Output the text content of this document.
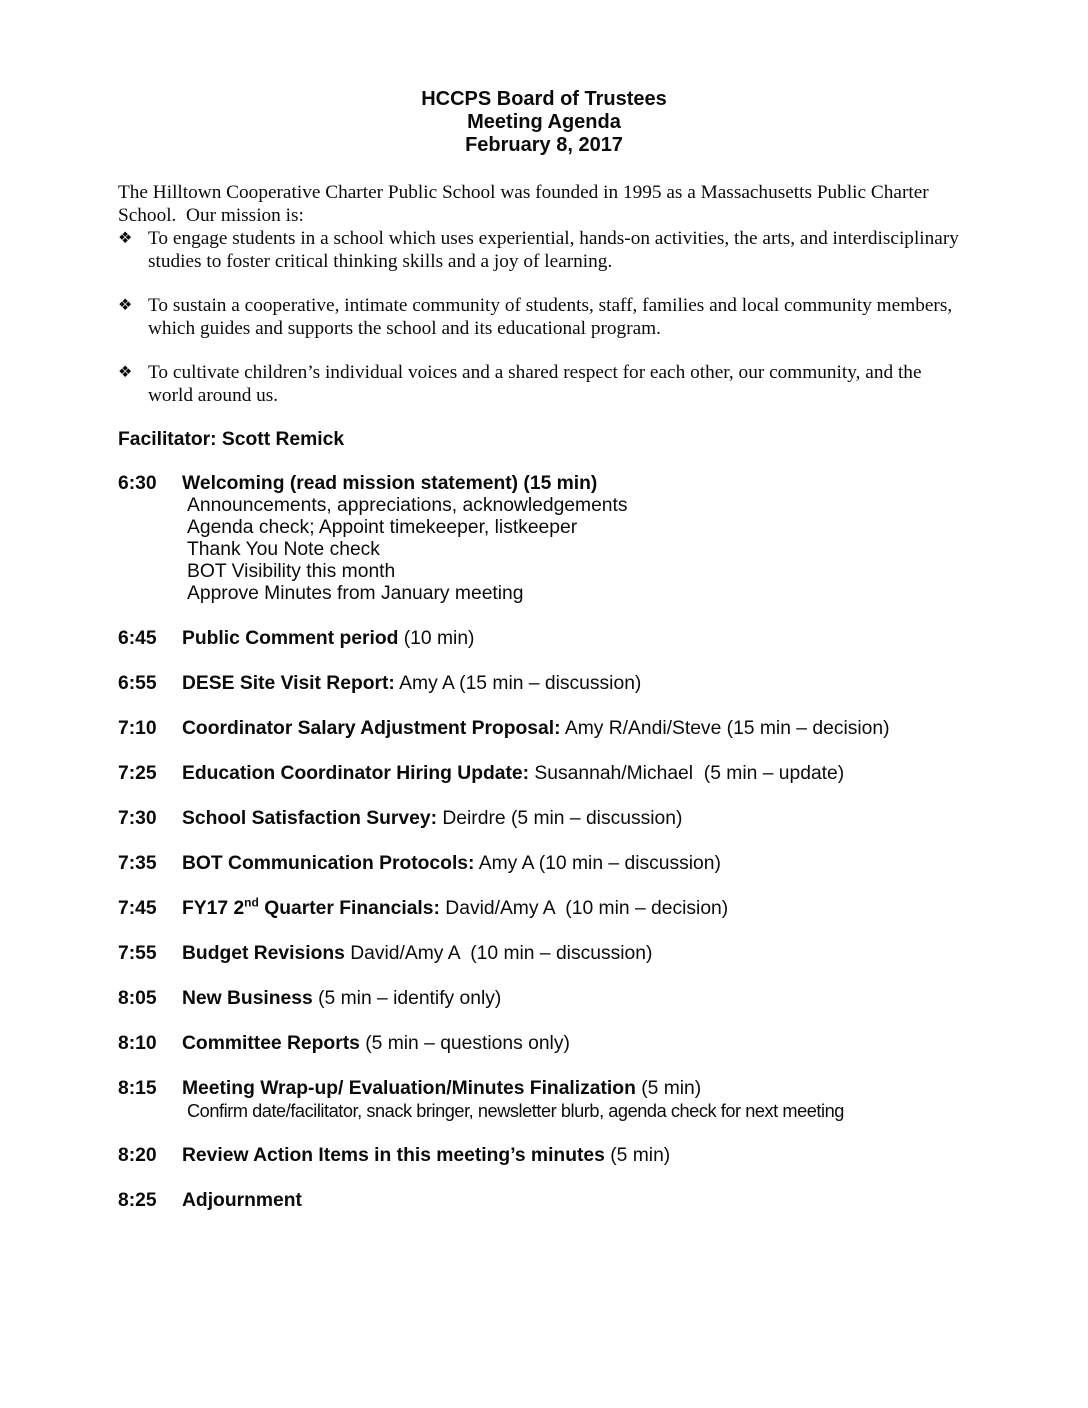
HCCPS Board of Trustees
Meeting Agenda
February 8, 2017

The Hilltown Cooperative Charter Public School was founded in 1995 as a Massachusetts Public Charter School.  Our mission is:

❖ To engage students in a school which uses experiential, hands-on activities, the arts, and interdisciplinary studies to foster critical thinking skills and a joy of learning.
❖ To sustain a cooperative, intimate community of students, staff, families and local community members, which guides and supports the school and its educational program.
❖ To cultivate children’s individual voices and a shared respect for each other, our community, and the world around us.

Facilitator: Scott Remick

6:30	Welcoming (read mission statement) (15 min)
Announcements, appreciations, acknowledgements
Agenda check; Appoint timekeeper, listkeeper
Thank You Note check
BOT Visibility this month
Approve Minutes from January meeting
6:45	Public Comment period (10 min)
6:55	DESE Site Visit Report: Amy A (15 min – discussion)
7:10	Coordinator Salary Adjustment Proposal: Amy R/Andi/Steve (15 min – decision)
7:25	Education Coordinator Hiring Update: Susannah/Michael  (5 min – update)
7:30	School Satisfaction Survey: Deirdre (5 min – discussion)
7:35	BOT Communication Protocols: Amy A (10 min – discussion)
7:45	FY17 2nd Quarter Financials: David/Amy A  (10 min – decision)
7:55	Budget Revisions David/Amy A  (10 min – discussion)
8:05	New Business (5 min – identify only)
8:10	Committee Reports (5 min – questions only)
8:15	Meeting Wrap-up/ Evaluation/Minutes Finalization (5 min)
Confirm date/facilitator, snack bringer, newsletter blurb, agenda check for next meeting
8:20	Review Action Items in this meeting’s minutes (5 min)
8:25	Adjournment
